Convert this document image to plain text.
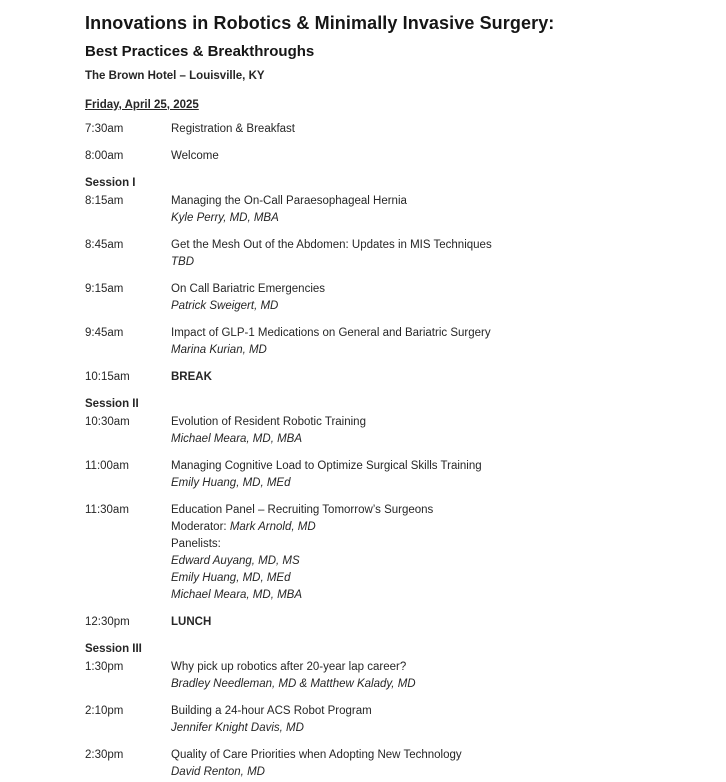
Innovations in Robotics & Minimally Invasive Surgery:
Best Practices & Breakthroughs
The Brown Hotel – Louisville, KY
Friday, April 25, 2025
7:30am	Registration & Breakfast
8:00am	Welcome
Session I
8:15am	Managing the On-Call Paraesophageal Hernia
Kyle Perry, MD, MBA
8:45am	Get the Mesh Out of the Abdomen: Updates in MIS Techniques
TBD
9:15am	On Call Bariatric Emergencies
Patrick Sweigert, MD
9:45am	Impact of GLP-1 Medications on General and Bariatric Surgery
Marina Kurian, MD
10:15am	BREAK
Session II
10:30am	Evolution of Resident Robotic Training
Michael Meara, MD, MBA
11:00am	Managing Cognitive Load to Optimize Surgical Skills Training
Emily Huang, MD, MEd
11:30am	Education Panel – Recruiting Tomorrow’s Surgeons
Moderator: Mark Arnold, MD
Panelists:
Edward Auyang, MD, MS
Emily Huang, MD, MEd
Michael Meara, MD, MBA
12:30pm	LUNCH
Session III
1:30pm	Why pick up robotics after 20-year lap career?
Bradley Needleman, MD & Matthew Kalady, MD
2:10pm	Building a 24-hour ACS Robot Program
Jennifer Knight Davis, MD
2:30pm	Quality of Care Priorities when Adopting New Technology
David Renton, MD
